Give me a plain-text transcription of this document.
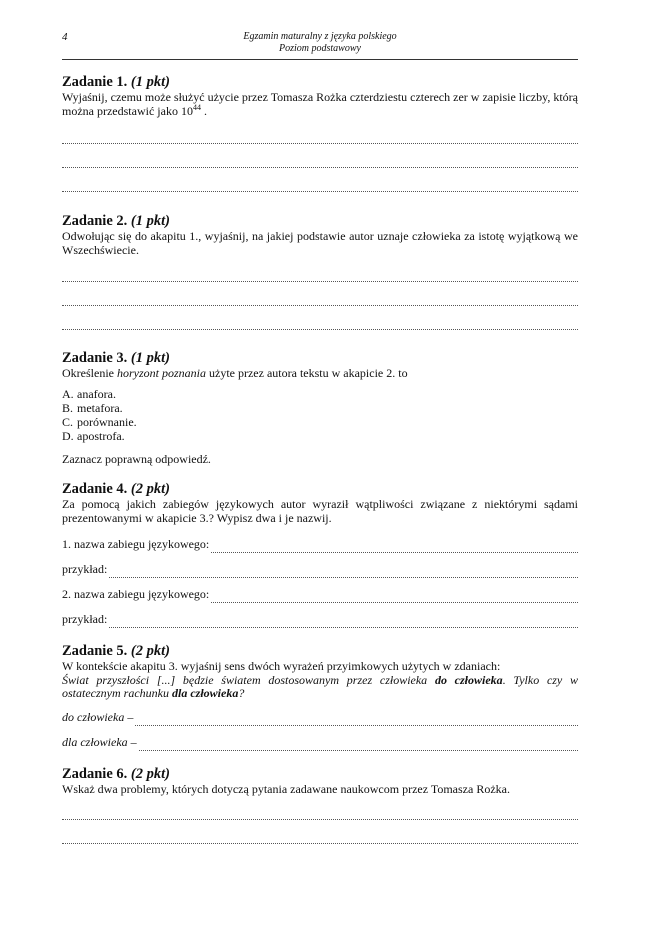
4	Egzamin maturalny z języka polskiego
Poziom podstawowy
Zadanie 1. (1 pkt)
Wyjaśnij, czemu może służyć użycie przez Tomasza Rożka czterdziestu czterech zer w zapisie liczby, którą można przedstawić jako $10^{44}$ .
Zadanie 2. (1 pkt)
Odwołując się do akapitu 1., wyjaśnij, na jakiej podstawie autor uznaje człowieka za istotę wyjątkową we Wszechświecie.
Zadanie 3. (1 pkt)
Określenie horyzont poznania użyte przez autora tekstu w akapicie 2. to
A. anafora.
B. metafora.
C. porównanie.
D. apostrofa.
Zaznacz poprawną odpowiedź.
Zadanie 4. (2 pkt)
Za pomocą jakich zabiegów językowych autor wyraził wątpliwości związane z niektórymi sądami prezentowanymi w akapicie 3.? Wypisz dwa i je nazwij.
1. nazwa zabiegu językowego:
przykład:
2. nazwa zabiegu językowego:
przykład:
Zadanie 5. (2 pkt)
W kontekście akapitu 3. wyjaśnij sens dwóch wyrażeń przyimkowych użytych w zdaniach:
Świat przyszłości [...] będzie światem dostosowanym przez człowieka do człowieka. Tylko czy w ostatecznym rachunku dla człowieka?
do człowieka –
dla człowieka –
Zadanie 6. (2 pkt)
Wskaż dwa problemy, których dotyczą pytania zadawane naukowcom przez Tomasza Rożka.
